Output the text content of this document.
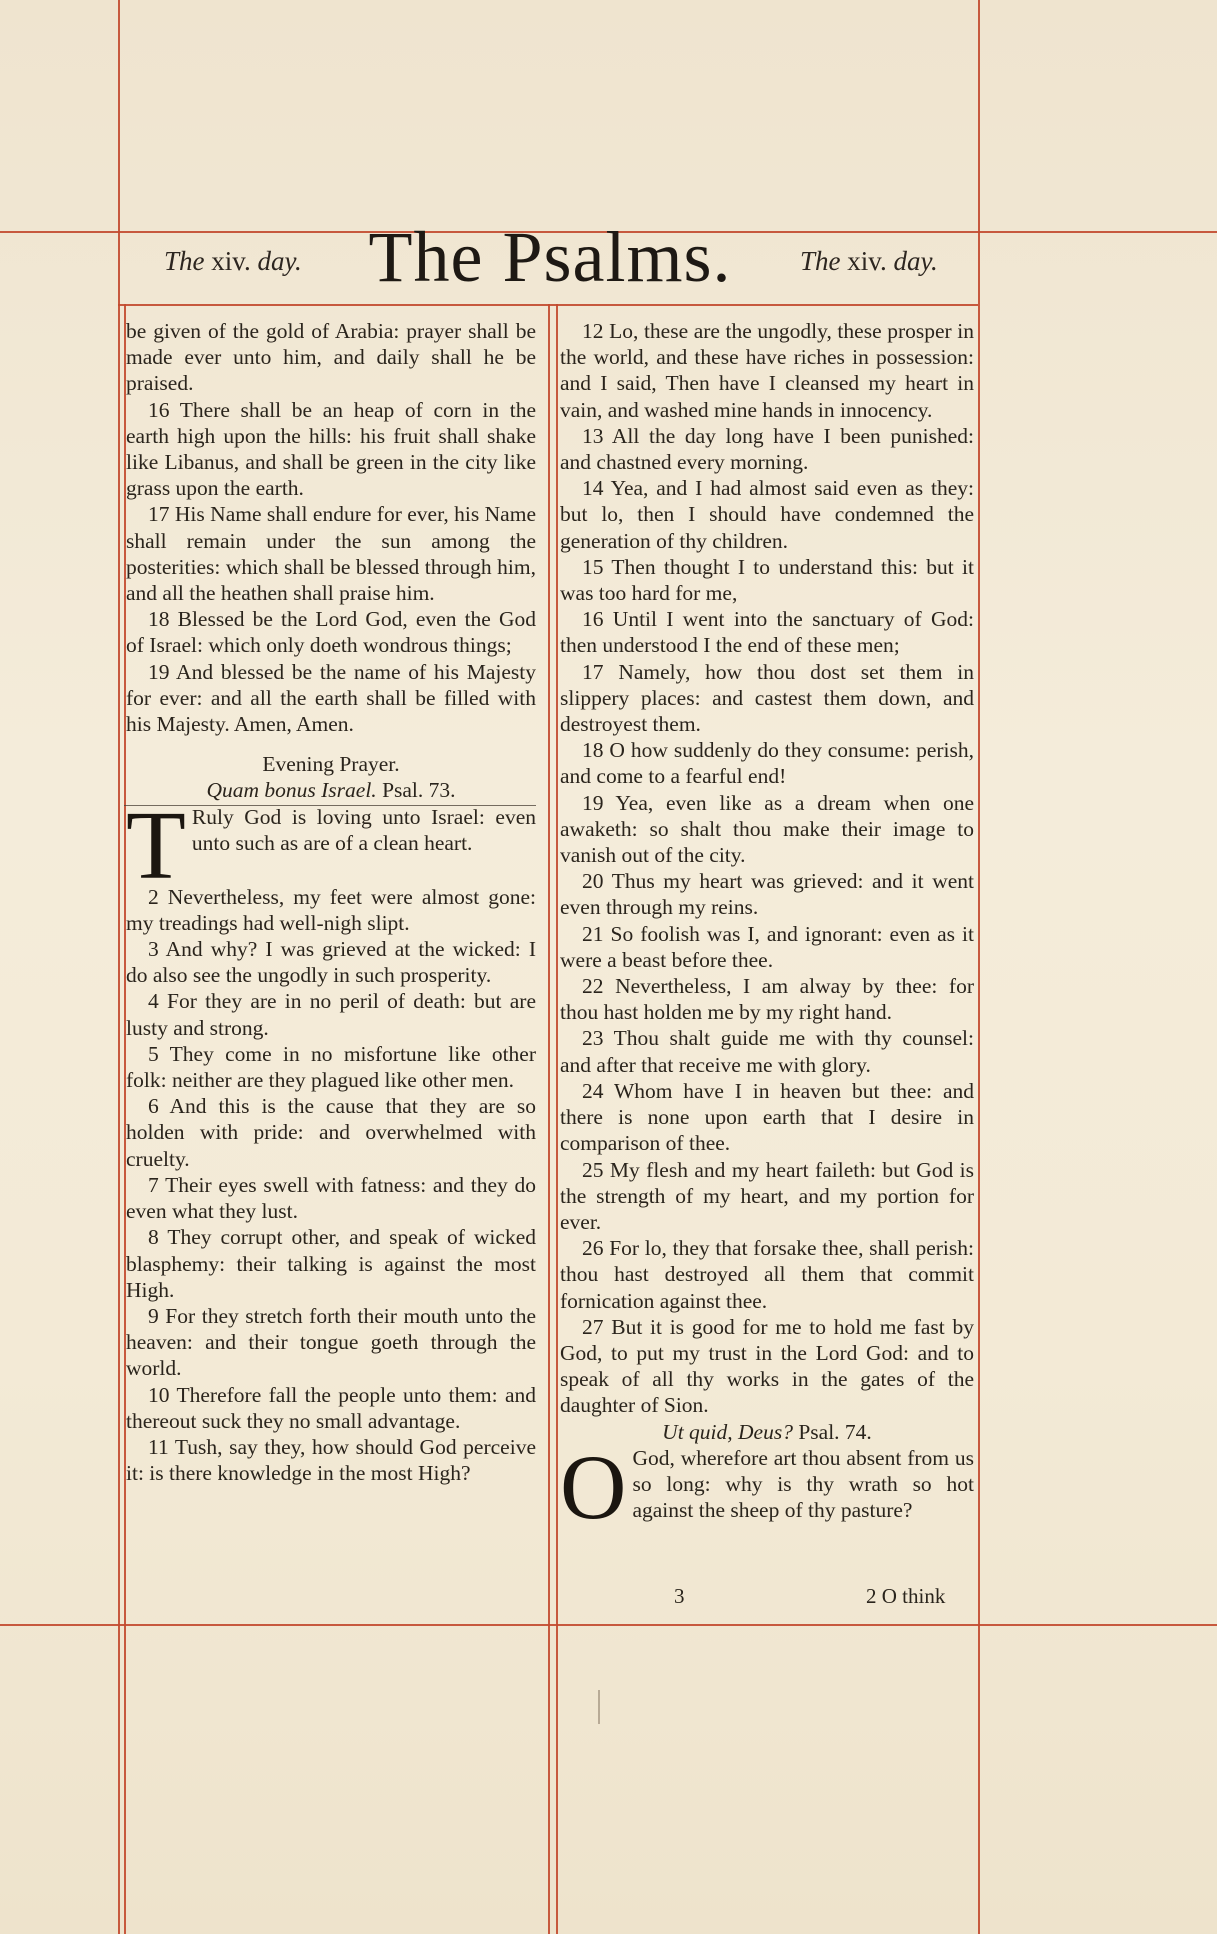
The xiv. day. The Psalms.	The xiv. day.

be given of the gold of Arabia: prayer shall be made ever unto him, and daily shall he be praised.

16 There shall be an heap of corn in the earth high upon the hills: his fruit shall shake like Libanus, and shall be green in the city like grass upon the earth.

17 His Name shall endure for ever, his Name shall remain under the sun among the posterities: which shall be blessed through him, and all the heathen shall praise him.

18 Blessed be the Lord God, even the God of Israel: which only doeth wondrous things;

19 And blessed be the name of his Majesty for ever: and all the earth shall be filled with his Majesty. Amen, Amen.

Evening Prayer.

Quam bonus Israel. Psal. 73.

T Ruly God is loving unto Israel: even unto such as are of a clean heart.

2 Nevertheless, my feet were almost gone: my treadings had well-nigh slipt.

3 And why? I was grieved at the wicked: I do also see the ungodly in such prosperity.

4 For they are in no peril of death: but are lusty and strong.

5 They come in no misfortune like other folk: neither are they plagued like other men.

6 And this is the cause that they are so holden with pride: and overwhelmed with cruelty.

7 Their eyes swell with fatness: and they do even what they lust.

8 They corrupt other, and speak of wicked blasphemy: their talking is against the most High.

9 For they stretch forth their mouth unto the heaven: and their tongue goeth through the world.

10 Therefore fall the people unto them: and thereout suck they no small advantage.

11 Tush, say they, how should God perceive it: is there knowledge in the most High?

12 Lo, these are the ungodly, these prosper in the world, and these have riches in possession: and I said, Then have I cleansed my heart in vain, and washed mine hands in innocency.

13 All the day long have I been punished: and chastned every morning.

14 Yea, and I had almost said even as they: but lo, then I should have condemned the generation of thy children.

15 Then thought I to understand this: but it was too hard for me,

16 Until I went into the sanctuary of God: then understood I the end of these men;

17 Namely, how thou dost set them in slippery places: and castest them down, and destroyest them.

18 O how suddenly do they consume: perish, and come to a fearful end!

19 Yea, even like as a dream when one awaketh: so shalt thou make their image to vanish out of the city.

20 Thus my heart was grieved: and it went even through my reins.

21 So foolish was I, and ignorant: even as it were a beast before thee.

22 Nevertheless, I am alway by thee: for thou hast holden me by my right hand.

23 Thou shalt guide me with thy counsel: and after that receive me with glory.

24 Whom have I in heaven but thee: and there is none upon earth that I desire in comparison of thee.

25 My flesh and my heart faileth: but God is the strength of my heart, and my portion for ever.

26 For lo, they that forsake thee, shall perish: thou hast destroyed all them that commit fornication against thee.

27 But it is good for me to hold me fast by God, to put my trust in the Lord God: and to speak of all thy works in the gates of the daughter of Sion.

Ut quid, Deus? Psal. 74.

O God, wherefore art thou absent from us so long: why is thy wrath so hot against the sheep of thy pasture?

3	2 O think
